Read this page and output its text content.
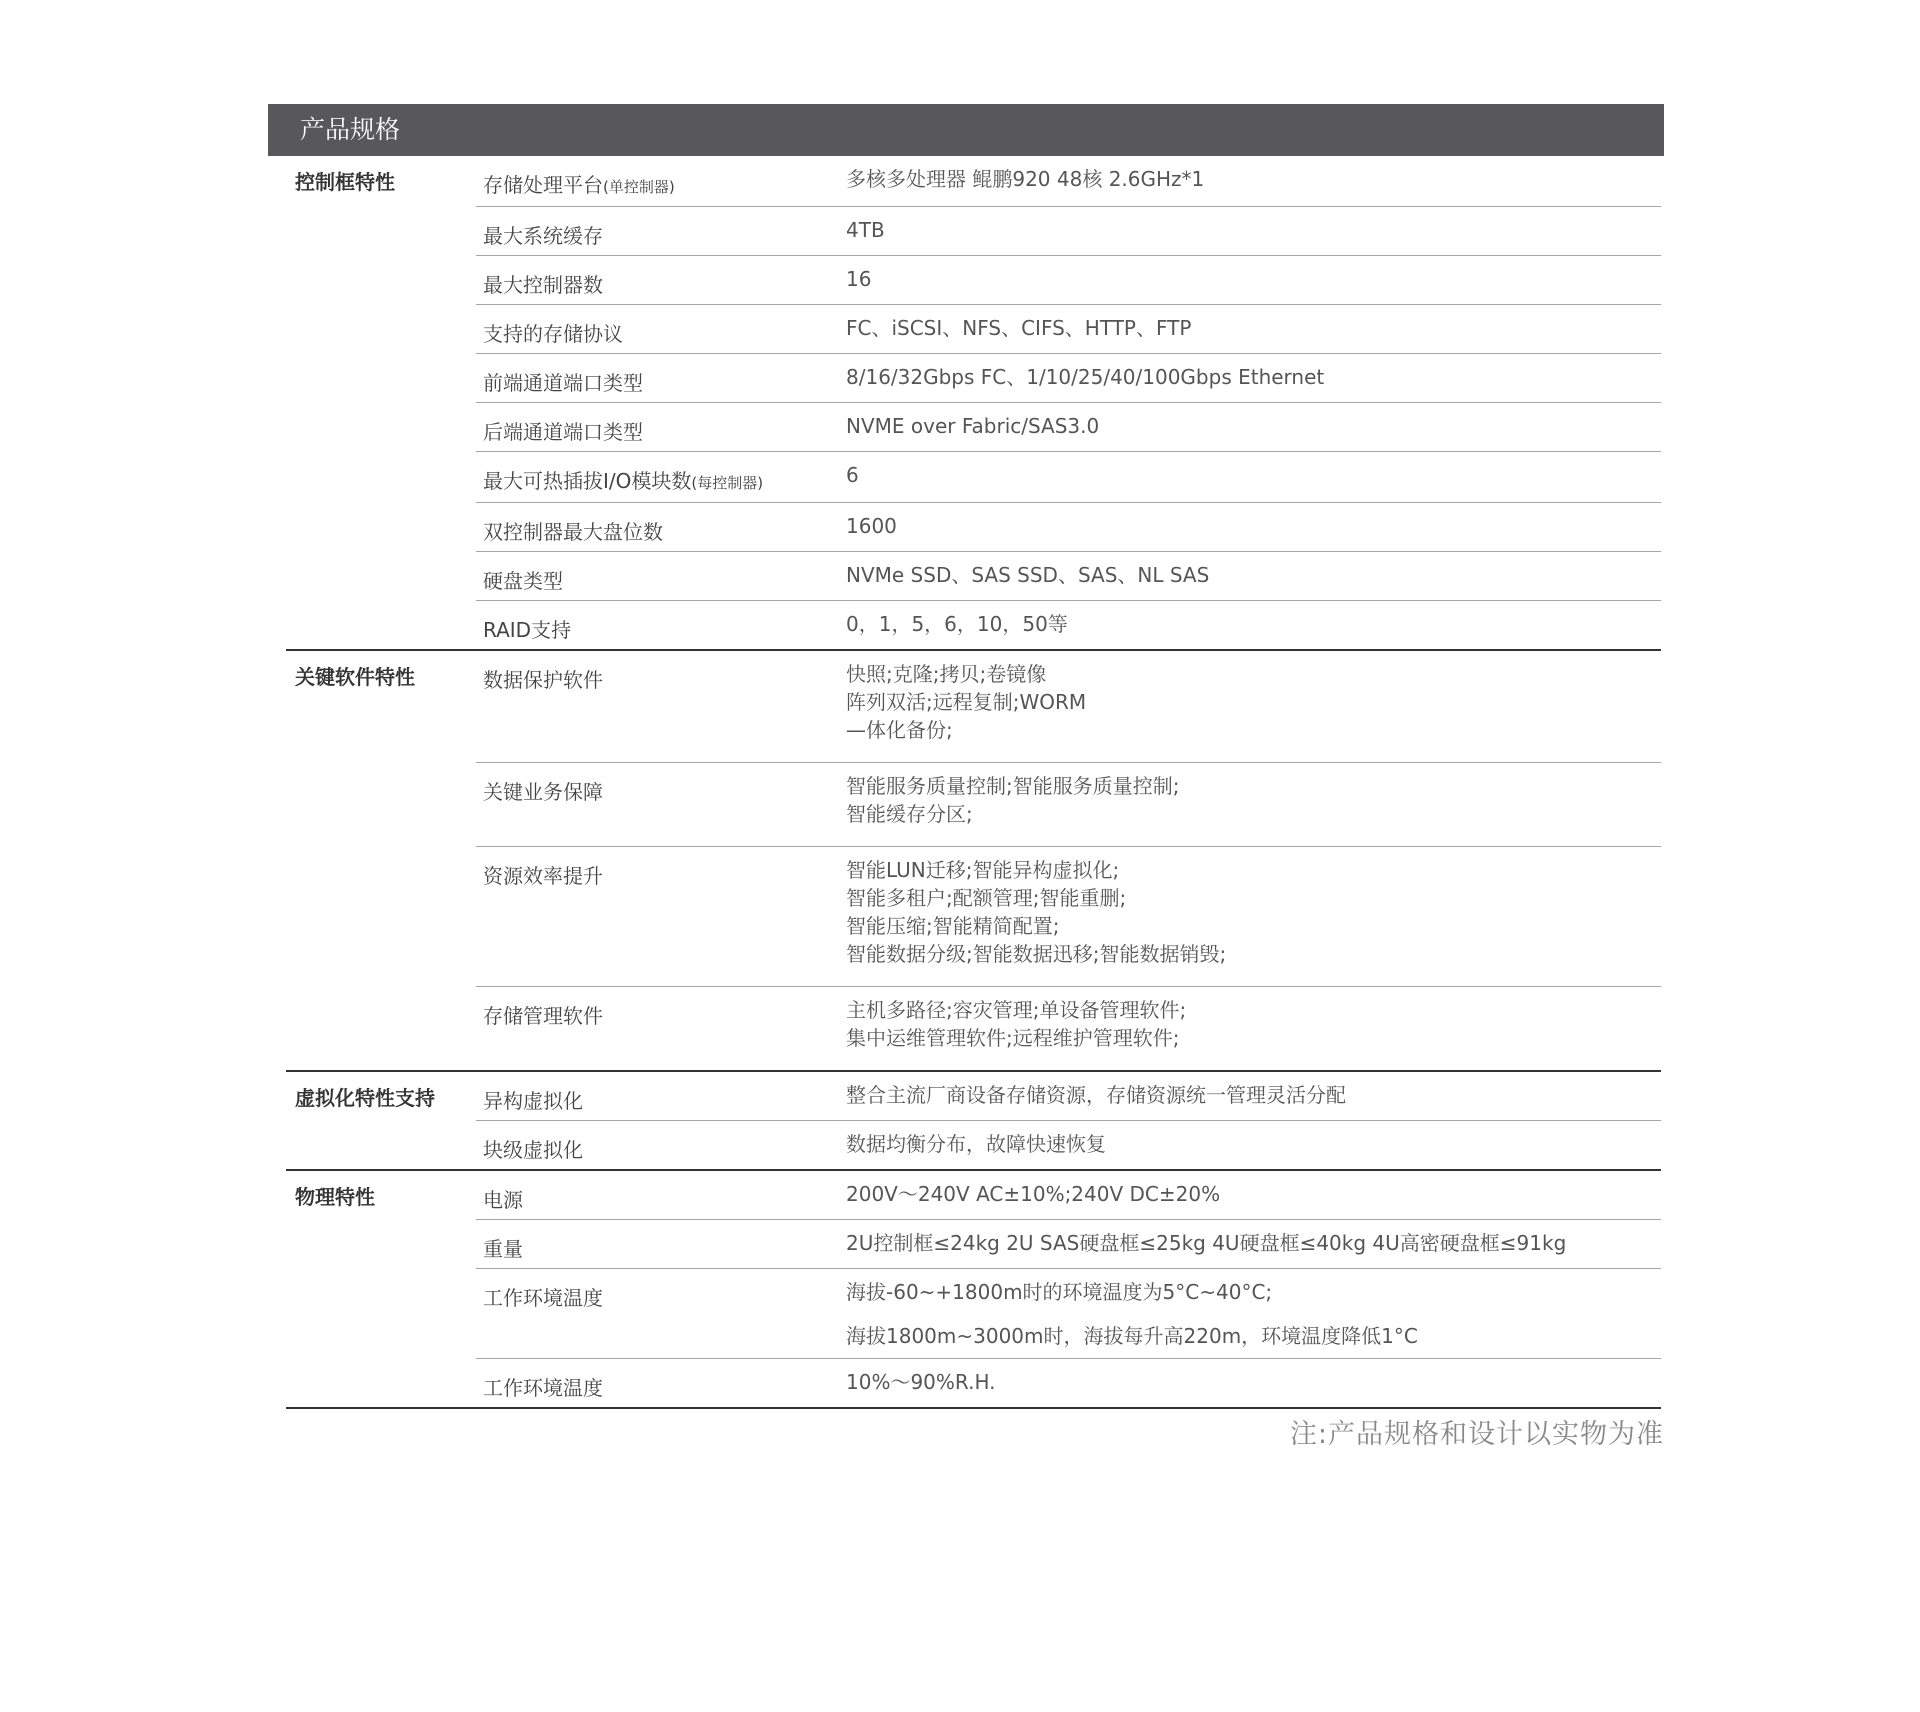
产品规格
控制框特性	存储处理平台(单控制器)	多核多处理器 鲲鹏920 48核 2.6GHz*1

	最大系统缓存	4TB

	最大控制器数	16

	支持的存储协议	FC、iSCSI、NFS、CIFS、HTTP、FTP

	前端通道端口类型	8/16/32Gbps FC、1/10/25/40/100Gbps Ethernet

	后端通道端口类型	NVME over Fabric/SAS3.0

	最大可热插拔I/O模块数(每控制器)	6

	双控制器最大盘位数	1600

	硬盘类型	NVMe SSD、SAS SSD、SAS、NL SAS

	RAID支持	0，1，5，6，10，50等

关键软件特性	数据保护软件	快照;克隆;拷贝;卷镜像
阵列双活;远程复制;WORM
—体化备份;

	关键业务保障	智能服务质量控制;智能服务质量控制;
智能缓存分区;

	资源效率提升	智能LUN迁移;智能异构虚拟化;
智能多租户;配额管理;智能重删;
智能压缩;智能精简配置;
智能数据分级;智能数据迅移;智能数据销毁;

	存储管理软件	主机多路径;容灾管理;单设备管理软件;
集中运维管理软件;远程维护管理软件;

虚拟化特性支持	异构虚拟化	整合主流厂商设备存储资源，存储资源统一管理灵活分配

	块级虚拟化	数据均衡分布，故障快速恢复

物理特性	电源	200V～240V AC±10%;240V DC±20%

	重量	2U控制框≤24kg 2U SAS硬盘框≤25kg 4U硬盘框≤40kg 4U高密硬盘框≤91kg

	工作环境温度	海拔-60~+1800m时的环境温度为5°C~40°C;
海拔1800m~3000m时，海拔每升高220m，环境温度降低1°C

	工作环境温度	10%～90%R.H.
注:产品规格和设计以实物为准
